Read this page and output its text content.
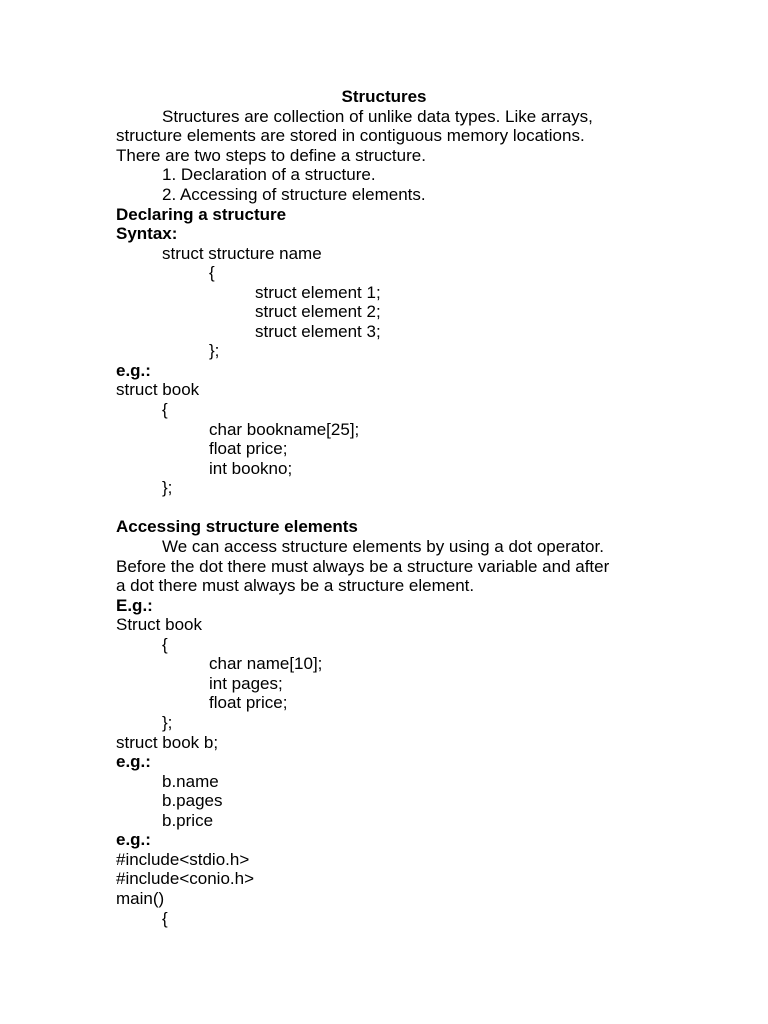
Structures

Structures are collection of unlike data types. Like arrays,

structure elements are stored in contiguous memory locations.

There are two steps to define a structure.

1. Declaration of a structure.

2. Accessing of structure elements.

Declaring a structure

Syntax:

struct structure name

{

struct element 1;

struct element 2;

struct element 3;

};

e.g.:

struct book

{

char bookname[25];

float price;

int bookno;

};

Accessing structure elements

We can access structure elements by using a dot operator.

Before the dot there must always be a structure variable and after

a dot there must always be a structure element.

E.g.:

Struct book

{

char name[10];

int pages;

float price;

};

struct book b;

e.g.:

b.name

b.pages

b.price

e.g.:

#include<stdio.h>

#include<conio.h>

main()

{
